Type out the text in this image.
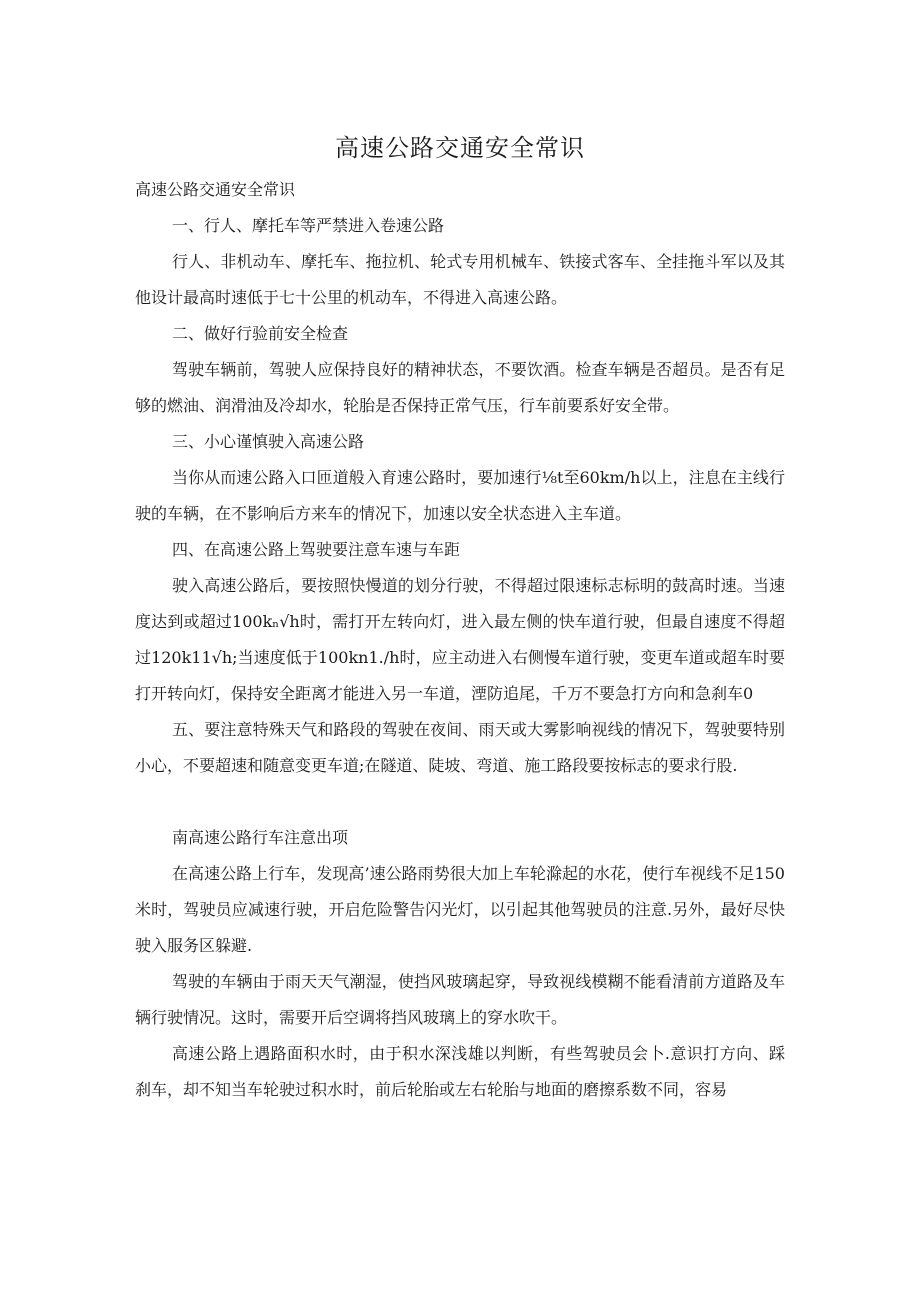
高速公路交通安全常识

高速公路交通安全常识

一、行人、摩托车等严禁进入卷速公路

行人、非机动车、摩托车、拖拉机、轮式专用机械车、铁接式客车、全挂拖斗军以及其他设计最高时速低于七十公里的机动车，不得进入高速公路。

二、做好行验前安全检查

驾驶车辆前，驾驶人应保持良好的精神状态，不要饮酒。检查车辆是否超员。是否有足够的燃油、润滑油及冷却水，轮胎是否保持正常气压，行车前要系好安全带。

三、小心谨慎驶入高速公路

当你从而速公路入口匝道般入育速公路时，要加速行⅛t至60km∕h以上，注息在主线行驶的车辆，在不影响后方来车的情况下，加速以安全状态进入主车道。

四、在高速公路上驾驶要注意车速与车距

驶入高速公路后，要按照快慢道的划分行驶，不得超过限速标志标明的鼓高时速。当速度达到或超过100kₙ√h时，需打开左转向灯，进入最左侧的快车道行驶，但最自速度不得超过120k11√h;当速度低于100kn1./h时，应主动进入右侧慢车道行驶，变更车道或超车时要打开转向灯，保持安全距离才能进入另一车道，湮防追尾，千万不要急打方向和急刹车0

五、要注意特殊天气和路段的驾驶在夜间、雨天或大雾影响视线的情况下，驾驶要特别小心，不要超速和随意变更车道;在隧道、陡坡、弯道、施工路段要按标志的要求行股.

南高速公路行车注意出项

在高速公路上行车，发现高’速公路雨势很大加上车轮滁起的水花，使行车视线不足150米时，驾驶员应减速行驶，开启危险警告闪光灯，以引起其他驾驶员的注意.另外，最好尽快驶入服务区躲避.

驾驶的车辆由于雨天天气潮湿，使挡风玻璃起穿，导致视线模糊不能看清前方道路及车辆行驶情况。这时，需要开后空调将挡风玻璃上的穿水吹干。

高速公路上遇路面积水时，由于积水深浅雄以判断，有些驾驶员会卜.意识打方向、踩刹车，却不知当车轮驶过积水时，前后轮胎或左右轮胎与地面的磨擦系数不同，容易
